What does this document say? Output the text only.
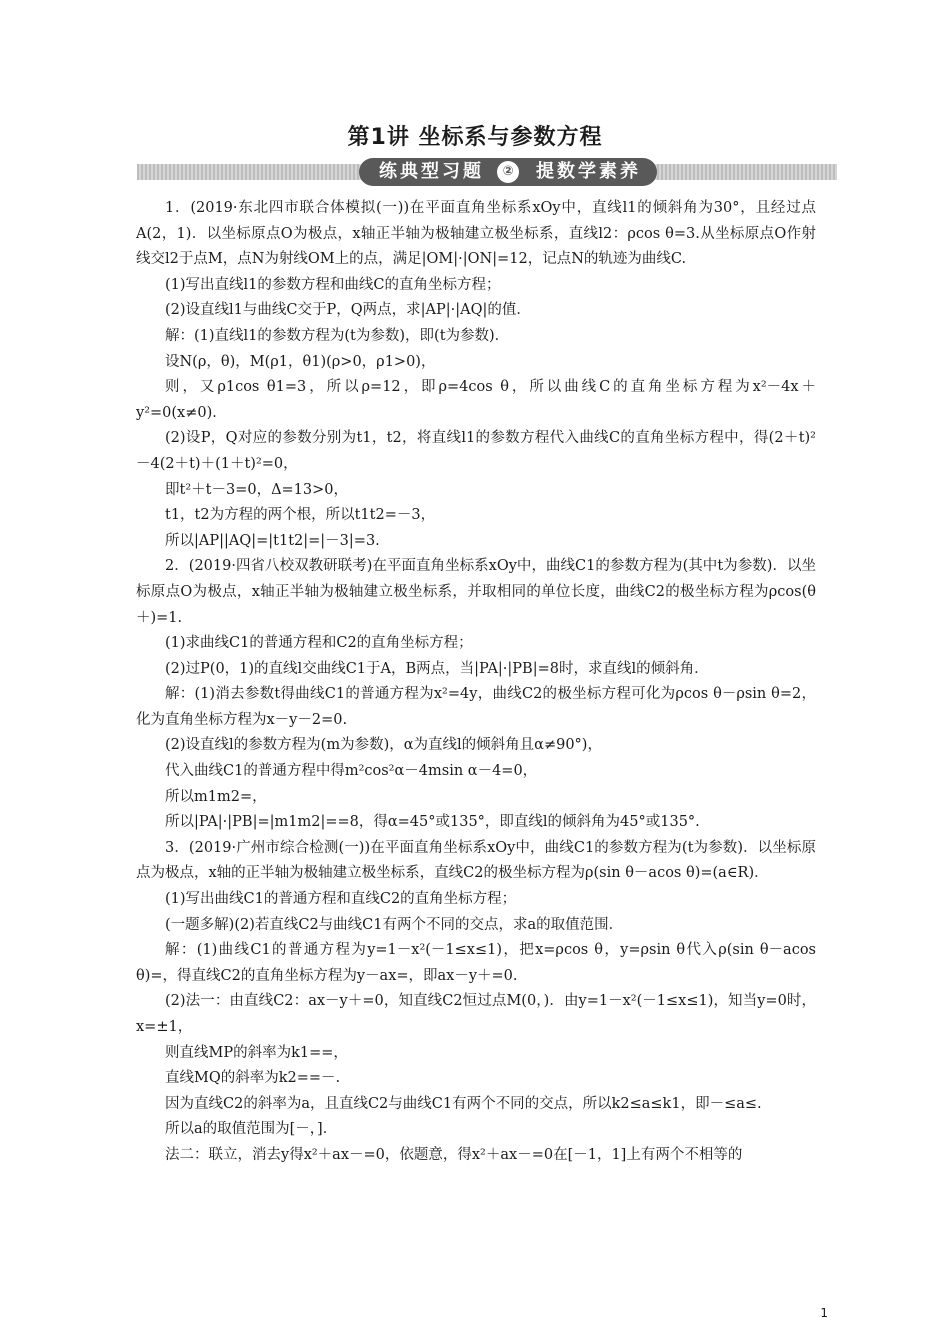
第1讲 坐标系与参数方程
练典型习题	②	提数学素养

1．(2019·东北四市联合体模拟(一))在平面直角坐标系xOy中，直线l1的倾斜角为30°，且经过点A(2，1)．以坐标原点O为极点，x轴正半轴为极轴建立极坐标系，直线l2：ρcos θ=3.从坐标原点O作射线交l2于点M，点N为射线OM上的点，满足|OM|·|ON|=12，记点N的轨迹为曲线C.

(1)写出直线l1的参数方程和曲线C的直角坐标方程；

(2)设直线l1与曲线C交于P，Q两点，求|AP|·|AQ|的值．

解：(1)直线l1的参数方程为(t为参数)，即(t为参数)．

设N(ρ，θ)，M(ρ1，θ1)(ρ>0，ρ1>0)，

则，又ρ1cos θ1=3，所以ρ=12，即ρ=4cos θ，所以曲线C的直角坐标方程为x²－4x＋y²=0(x≠0)．

(2)设P，Q对应的参数分别为t1，t2，将直线l1的参数方程代入曲线C的直角坐标方程中，得(2＋t)²－4(2＋t)＋(1＋t)²=0，

即t²＋t－3=0，Δ=13>0，

t1，t2为方程的两个根，所以t1t2=－3，

所以|AP||AQ|=|t1t2|=|－3|=3.

2．(2019·四省八校双教研联考)在平面直角坐标系xOy中，曲线C1的参数方程为(其中t为参数)．以坐标原点O为极点，x轴正半轴为极轴建立极坐标系，并取相同的单位长度，曲线C2的极坐标方程为ρcos(θ＋)=1.

(1)求曲线C1的普通方程和C2的直角坐标方程；

(2)过P(0，1)的直线l交曲线C1于A，B两点，当|PA|·|PB|=8时，求直线l的倾斜角．

解：(1)消去参数t得曲线C1的普通方程为x²=4y，曲线C2的极坐标方程可化为ρcos θ－ρsin θ=2，化为直角坐标方程为x－y－2=0.

(2)设直线l的参数方程为(m为参数)，α为直线l的倾斜角且α≠90°)，

代入曲线C1的普通方程中得m²cos²α－4msin α－4=0，

所以m1m2=，

所以|PA|·|PB|=|m1m2|==8，得α=45°或135°，即直线l的倾斜角为45°或135°.

3．(2019·广州市综合检测(一))在平面直角坐标系xOy中，曲线C1的参数方程为(t为参数)．以坐标原点为极点，x轴的正半轴为极轴建立极坐标系，直线C2的极坐标方程为ρ(sin θ－acos θ)=(a∈R)．

(1)写出曲线C1的普通方程和直线C2的直角坐标方程；

(一题多解)(2)若直线C2与曲线C1有两个不同的交点，求a的取值范围．

解：(1)曲线C1的普通方程为y=1－x²(－1≤x≤1)，把x=ρcos θ，y=ρsin θ代入ρ(sin θ－acos θ)=，得直线C2的直角坐标方程为y－ax=，即ax－y＋=0.

(2)法一：由直线C2：ax－y＋=0，知直线C2恒过点M(0，)．由y=1－x²(－1≤x≤1)，知当y=0时，x=±1，

则直线MP的斜率为k1==，

直线MQ的斜率为k2==－.

因为直线C2的斜率为a，且直线C2与曲线C1有两个不同的交点，所以k2≤a≤k1，即－≤a≤.

所以a的取值范围为[－，]．

法二：联立，消去y得x²＋ax－=0，依题意，得x²＋ax－=0在[－1，1]上有两个不相等的

1
